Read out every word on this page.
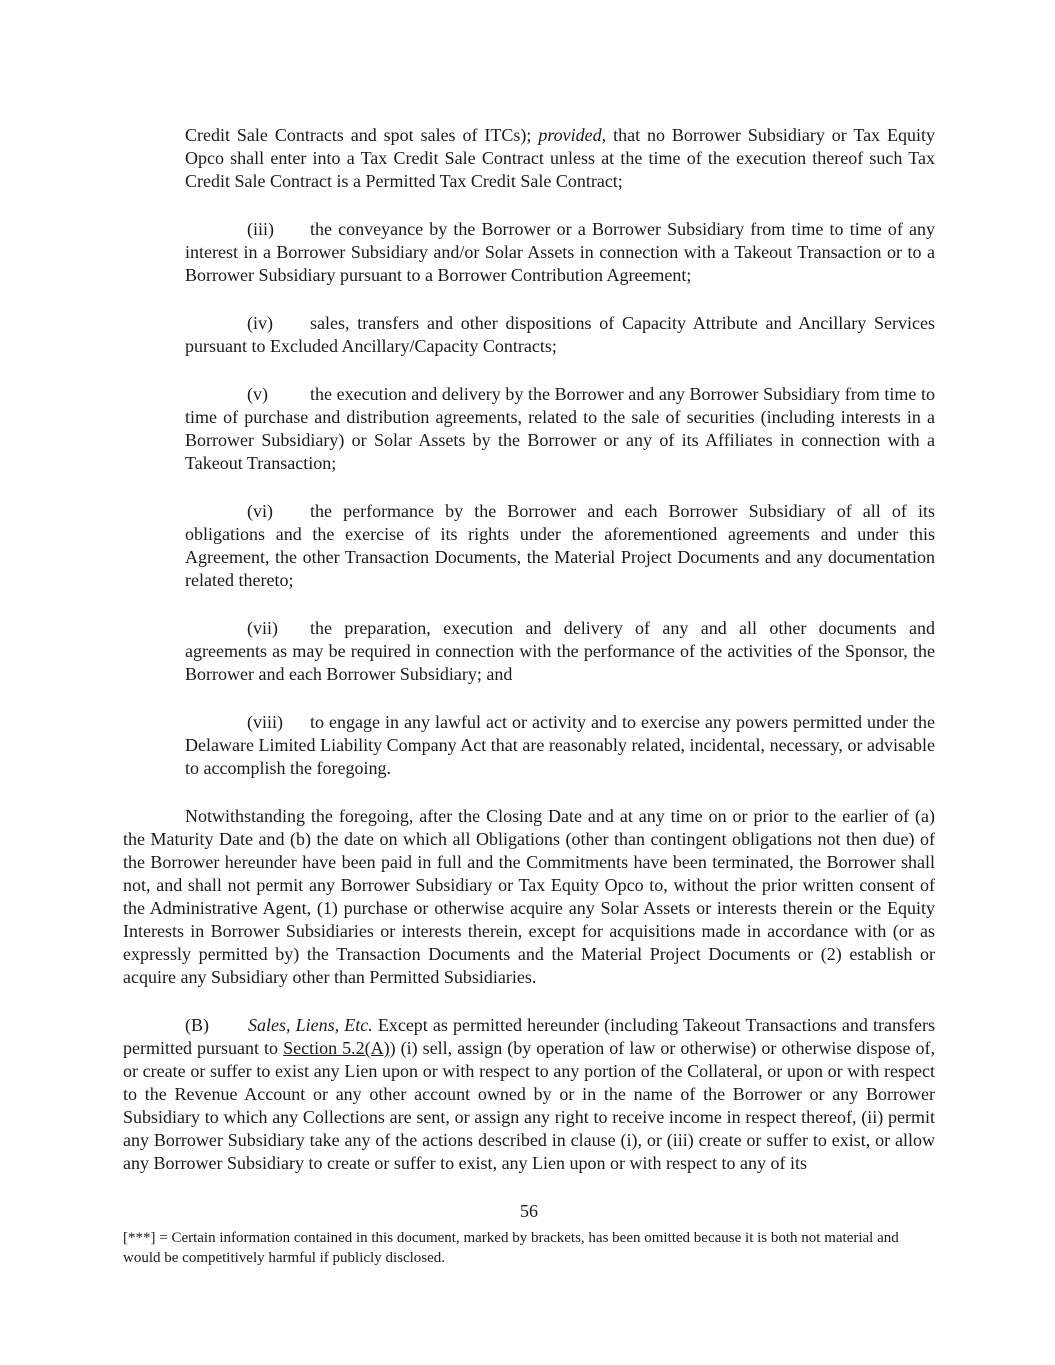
Credit Sale Contracts and spot sales of ITCs); provided, that no Borrower Subsidiary or Tax Equity Opco shall enter into a Tax Credit Sale Contract unless at the time of the execution thereof such Tax Credit Sale Contract is a Permitted Tax Credit Sale Contract;

(iii) the conveyance by the Borrower or a Borrower Subsidiary from time to time of any interest in a Borrower Subsidiary and/or Solar Assets in connection with a Takeout Transaction or to a Borrower Subsidiary pursuant to a Borrower Contribution Agreement;

(iv) sales, transfers and other dispositions of Capacity Attribute and Ancillary Services pursuant to Excluded Ancillary/Capacity Contracts;

(v) the execution and delivery by the Borrower and any Borrower Subsidiary from time to time of purchase and distribution agreements, related to the sale of securities (including interests in a Borrower Subsidiary) or Solar Assets by the Borrower or any of its Affiliates in connection with a Takeout Transaction;

(vi) the performance by the Borrower and each Borrower Subsidiary of all of its obligations and the exercise of its rights under the aforementioned agreements and under this Agreement, the other Transaction Documents, the Material Project Documents and any documentation related thereto;

(vii) the preparation, execution and delivery of any and all other documents and agreements as may be required in connection with the performance of the activities of the Sponsor, the Borrower and each Borrower Subsidiary; and

(viii) to engage in any lawful act or activity and to exercise any powers permitted under the Delaware Limited Liability Company Act that are reasonably related, incidental, necessary, or advisable to accomplish the foregoing.

Notwithstanding the foregoing, after the Closing Date and at any time on or prior to the earlier of (a) the Maturity Date and (b) the date on which all Obligations (other than contingent obligations not then due) of the Borrower hereunder have been paid in full and the Commitments have been terminated, the Borrower shall not, and shall not permit any Borrower Subsidiary or Tax Equity Opco to, without the prior written consent of the Administrative Agent, (1) purchase or otherwise acquire any Solar Assets or interests therein or the Equity Interests in Borrower Subsidiaries or interests therein, except for acquisitions made in accordance with (or as expressly permitted by) the Transaction Documents and the Material Project Documents or (2) establish or acquire any Subsidiary other than Permitted Subsidiaries.

(B) Sales, Liens, Etc. Except as permitted hereunder (including Takeout Transactions and transfers permitted pursuant to Section 5.2(A)) (i) sell, assign (by operation of law or otherwise) or otherwise dispose of, or create or suffer to exist any Lien upon or with respect to any portion of the Collateral, or upon or with respect to the Revenue Account or any other account owned by or in the name of the Borrower or any Borrower Subsidiary to which any Collections are sent, or assign any right to receive income in respect thereof, (ii) permit any Borrower Subsidiary take any of the actions described in clause (i), or (iii) create or suffer to exist, or allow any Borrower Subsidiary to create or suffer to exist, any Lien upon or with respect to any of its

56
[***] = Certain information contained in this document, marked by brackets, has been omitted because it is both not material and would be competitively harmful if publicly disclosed.
